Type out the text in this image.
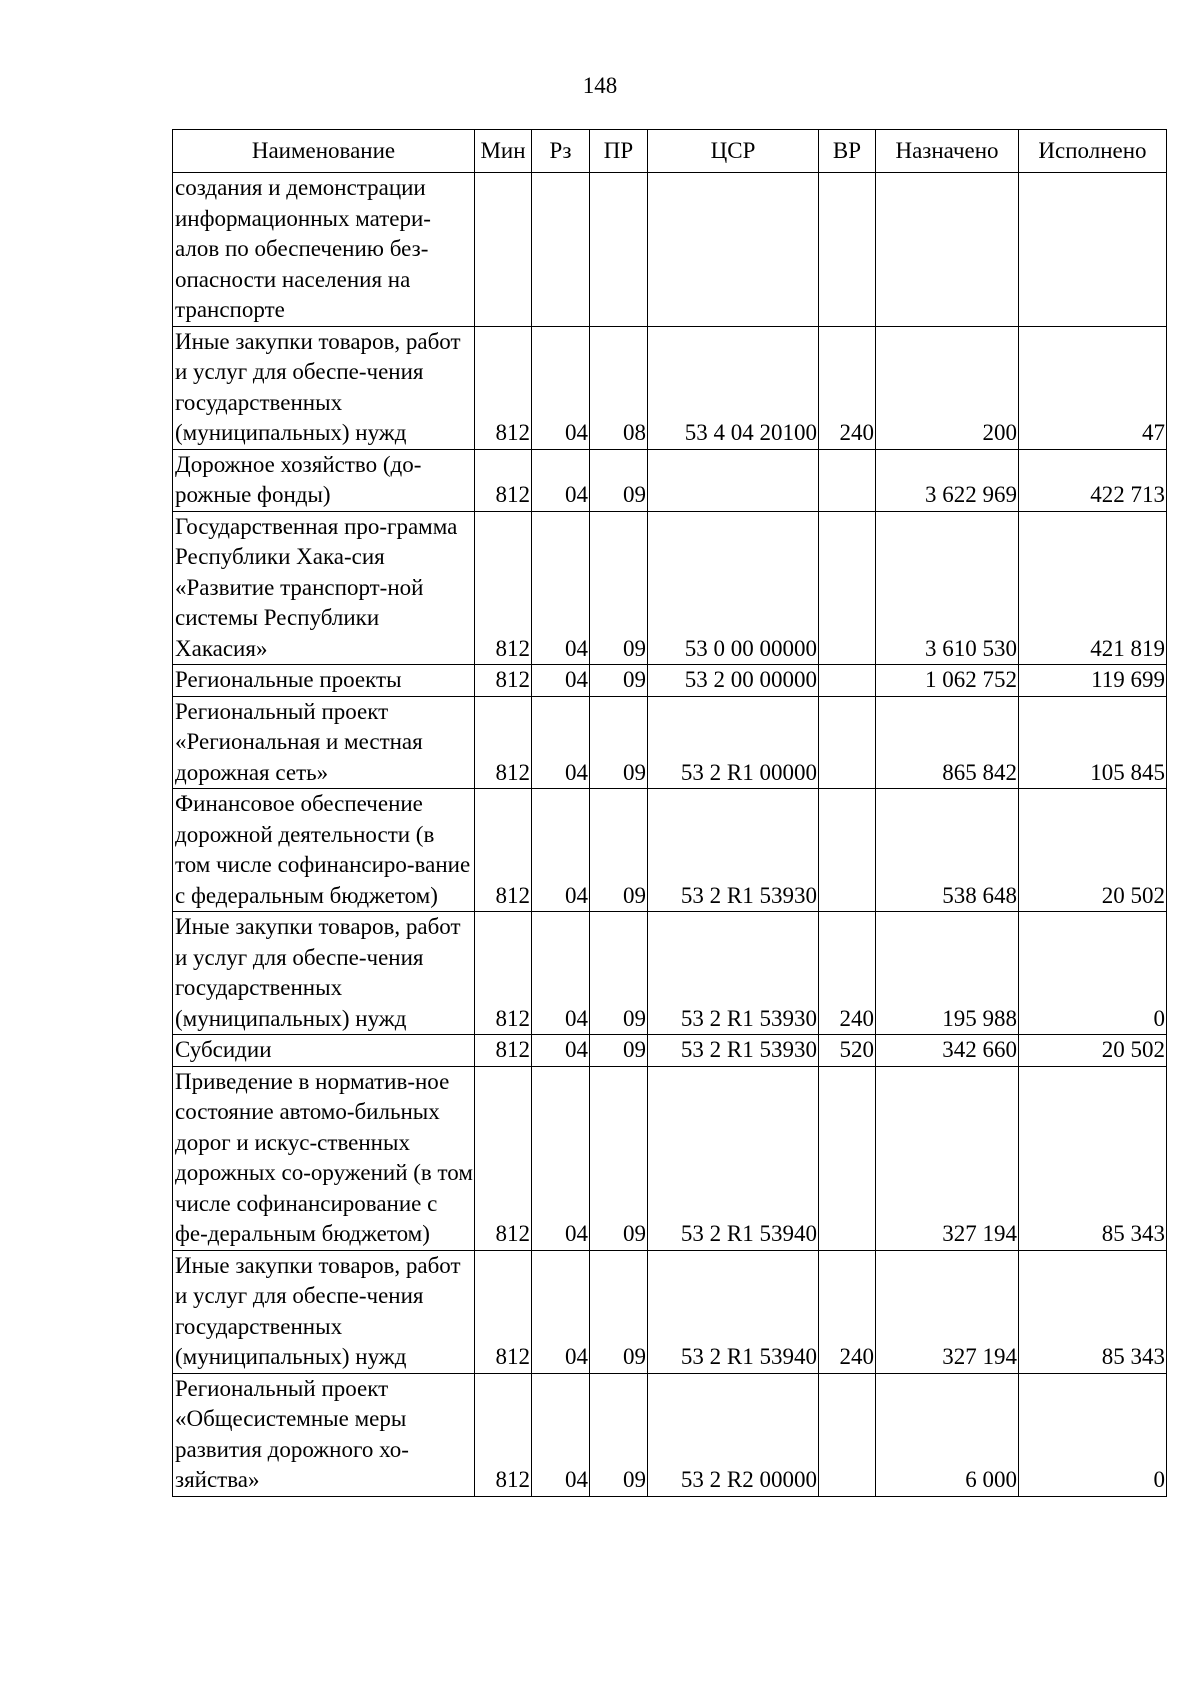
148
Наименование	Мин	Рз	ПР	ЦСР	ВР	Назначено	Исполнено
создания и демонстрации информационных матери-алов по обеспечению без-опасности населения на транспорте							
Иные закупки товаров, работ и услуг для обеспе-чения государственных (муниципальных) нужд	812	04	08	53 4 04 20100	240	200	47
Дорожное хозяйство (до-рожные фонды)	812	04	09			3 622 969	422 713
Государственная про-грамма Республики Хака-сия «Развитие транспорт-ной системы Республики Хакасия»	812	04	09	53 0 00 00000		3 610 530	421 819
Региональные проекты	812	04	09	53 2 00 00000		1 062 752	119 699
Региональный проект «Региональная и местная дорожная сеть»	812	04	09	53 2 R1 00000		865 842	105 845
Финансовое обеспечение дорожной деятельности (в том числе софинансиро-вание с федеральным бюджетом)	812	04	09	53 2 R1 53930		538 648	20 502
Иные закупки товаров, работ и услуг для обеспе-чения государственных (муниципальных) нужд	812	04	09	53 2 R1 53930	240	195 988	0
Субсидии	812	04	09	53 2 R1 53930	520	342 660	20 502
Приведение в норматив-ное состояние автомо-бильных дорог и искус-ственных дорожных со-оружений (в том числе софинансирование с фе-деральным бюджетом)	812	04	09	53 2 R1 53940		327 194	85 343
Иные закупки товаров, работ и услуг для обеспе-чения государственных (муниципальных) нужд	812	04	09	53 2 R1 53940	240	327 194	85 343
Региональный проект «Общесистемные меры развития дорожного хо-зяйства»	812	04	09	53 2 R2 00000		6 000	0
